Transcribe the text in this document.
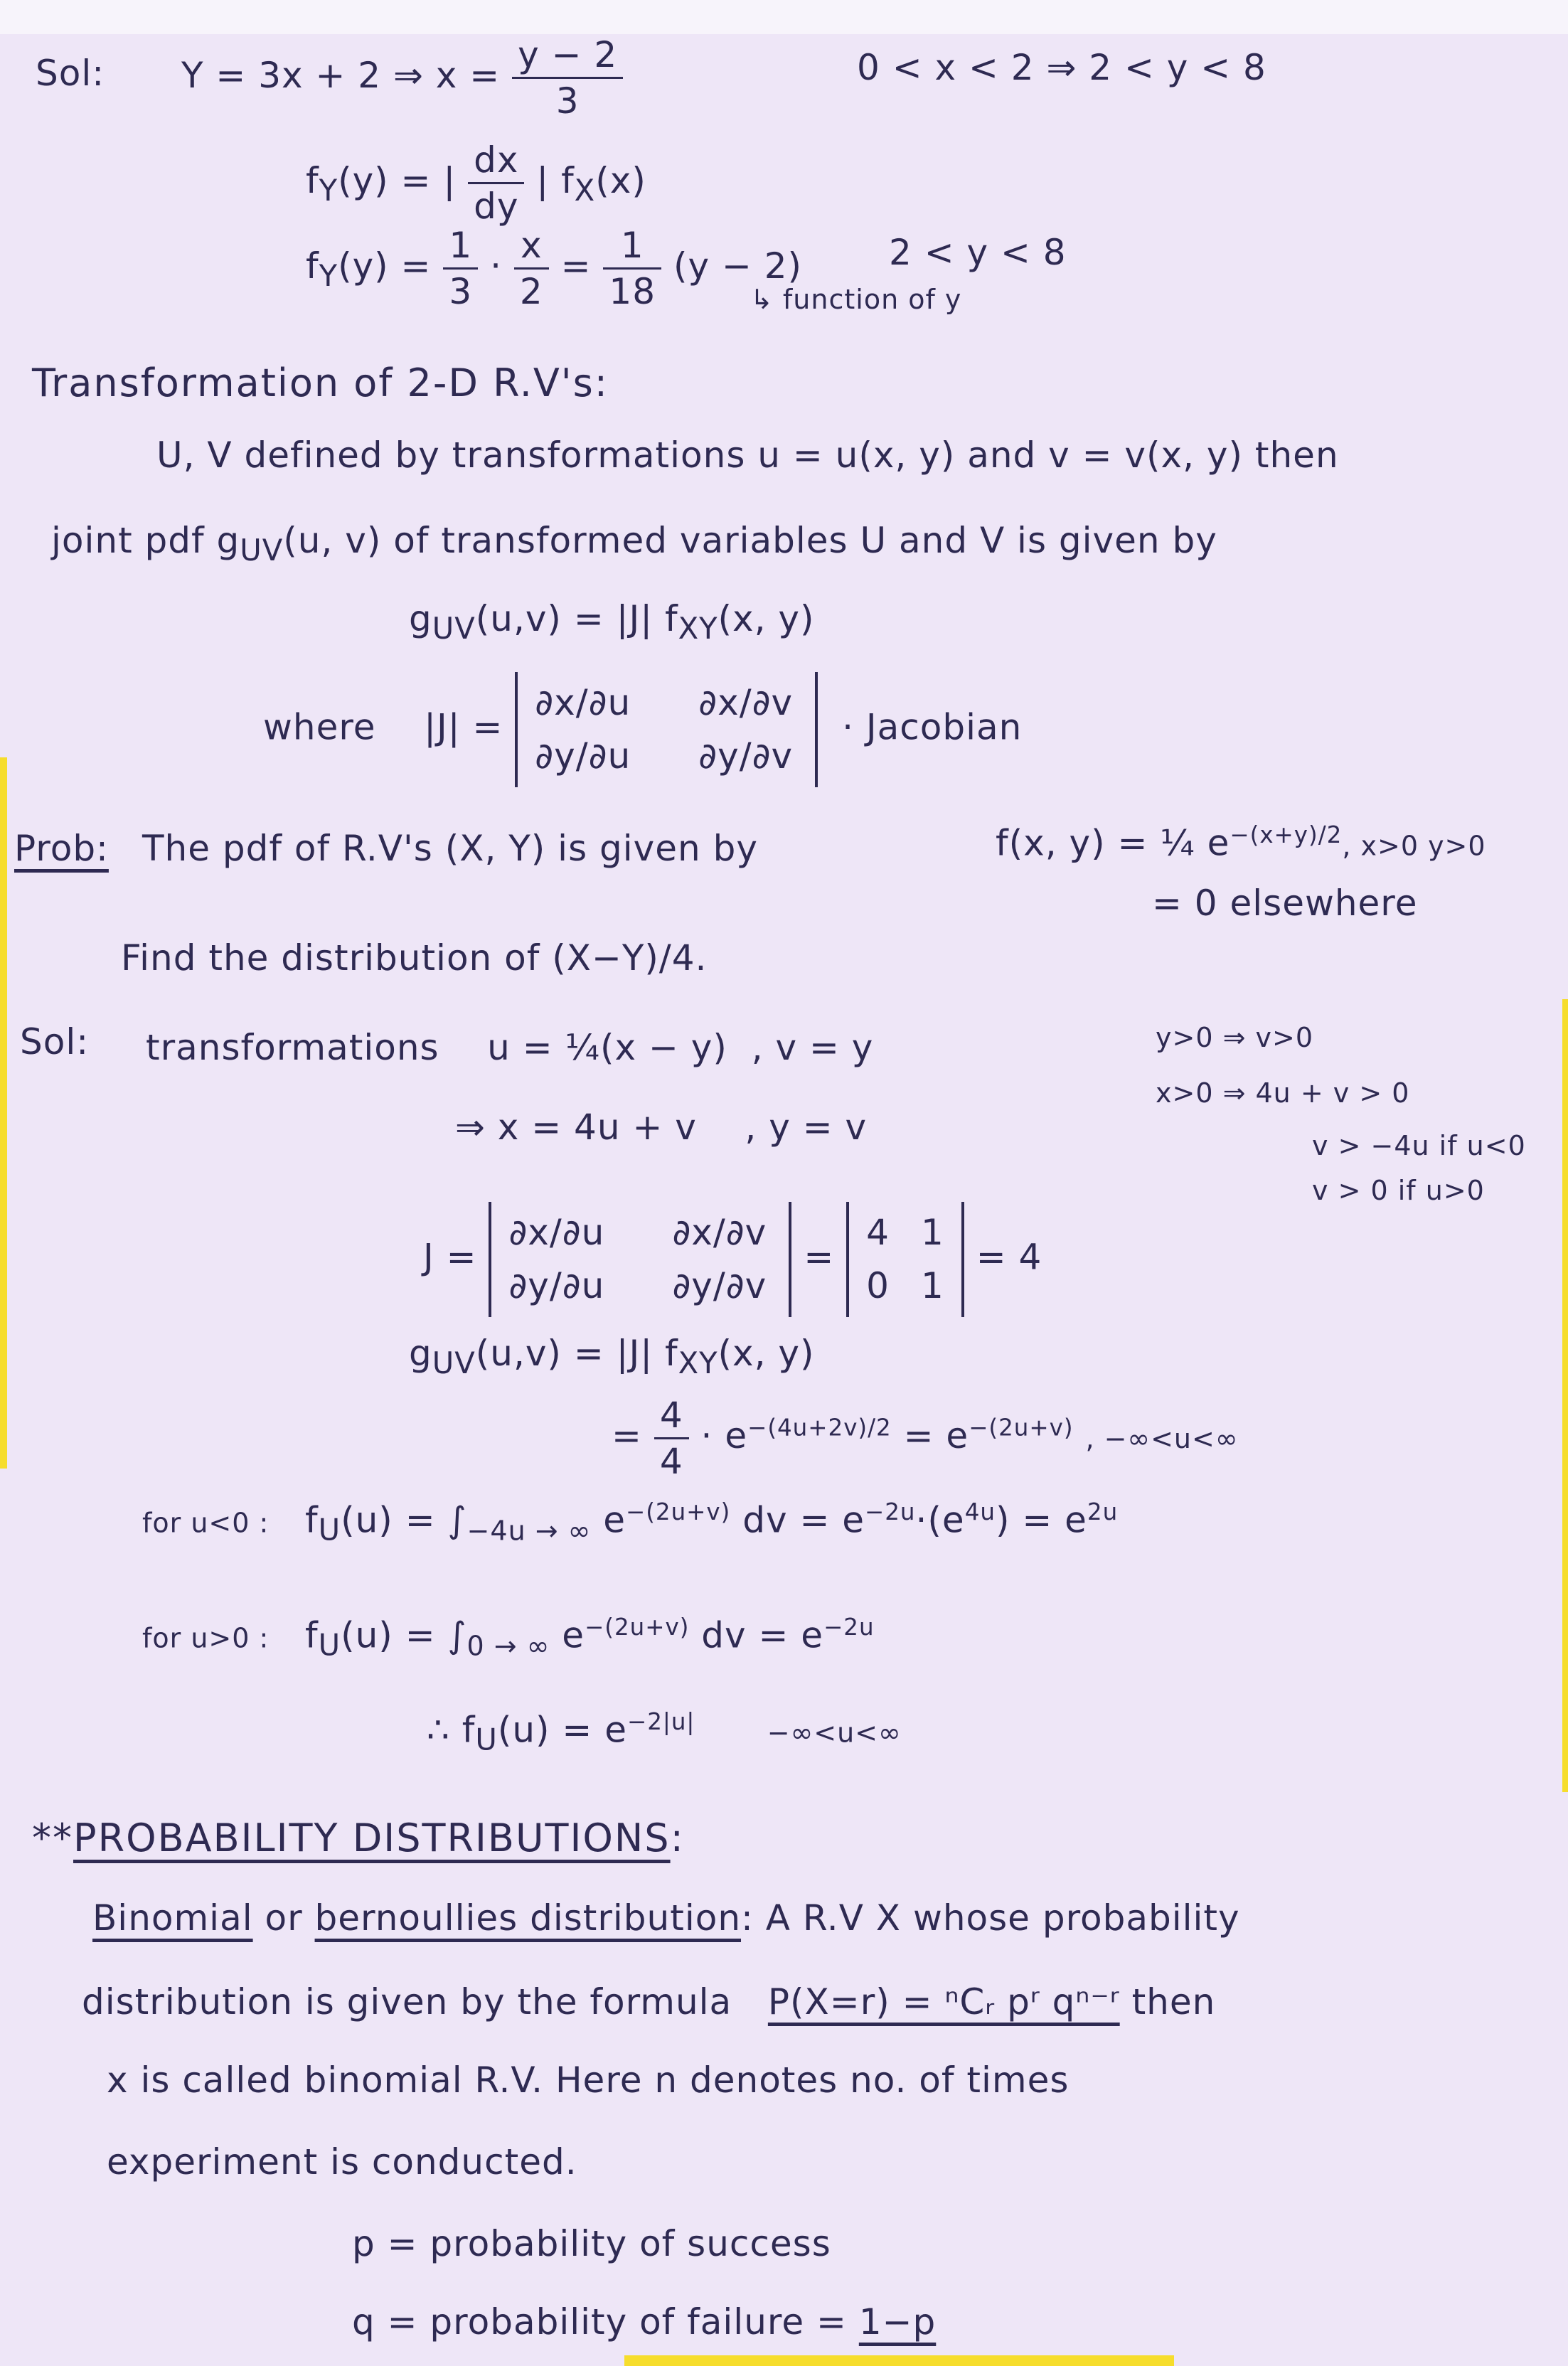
Sol: Y = 3x + 2 ⇒ $x = \frac{y - 2}{3}$	0 < x < 2 ⇒ 2 < y < 8
$f_Y(y)$ = | $\frac{dx}{dy}$ | $f_X(x)$
$f_Y(y) = \frac{1}{3} \cdot \frac{x}{2} = \frac{1}{18} (y - 2) 2 < y < 8$
↳ function of y
Transformation of 2-D R.V's:
U, V defined by transformations u = u(x, y) and v = v(x, y) then
joint pdf $g_{UV}(u$, v) of transformed variables U and V is given by
$g_{UV}(u,v) = |J|$ $f_{XY}(x$, y)
where |J| =
∂x/∂u ∂x/∂v
∂y/∂u ∂y/∂v
· Jacobian
Prob: The pdf of R.V's (X, Y) is given by	f(x, y) = ¼ $e^{-(x+y)/2}$, x>0 y>0
= 0 elsewhere
Find the distribution of (X−Y)/4.
Sol: transformations u = ¼(x − y) , v = y
⇒ x = 4u + v , y = v
y>0 ⇒ v>0
x>0 ⇒ 4u + v > 0
v > −4u if u<0
v > 0 if u>0
J =
∂x/∂u ∂x/∂v
∂y/∂u ∂y/∂v
=
4 1
0 1
= 4
$g_{UV}(u,v) = |J|$ $f_{XY}(x$, y)
= $\frac{4}{4} \cdot e^{-(4u+2v)/2} = e^{-(2u+v)}$ , −∞<u<∞
for u<0 : $f_U(u) = \int_{-4u \to \infty}$ $e^{-(2u+v)}$ dv = $e^{-2u}\cdot(e^{4u}) = e^{2u}$
for u>0 : $f_U(u) = \int_{0 \to \infty}$ $e^{-(2u+v)}$ dv = $e^{-2u}$
∴ $f_U(u) = e^{-2|u|}$	−∞<u<∞
**PROBABILITY DISTRIBUTIONS:
Binomial or bernoullies distribution: A R.V X whose probability
distribution is given by the formula P(X=r) = ⁿCᵣ pʳ qⁿ⁻ʳ then
x is called binomial R.V. Here n denotes no. of times
experiment is conducted.
p = probability of success
q = probability of failure = 1−p
